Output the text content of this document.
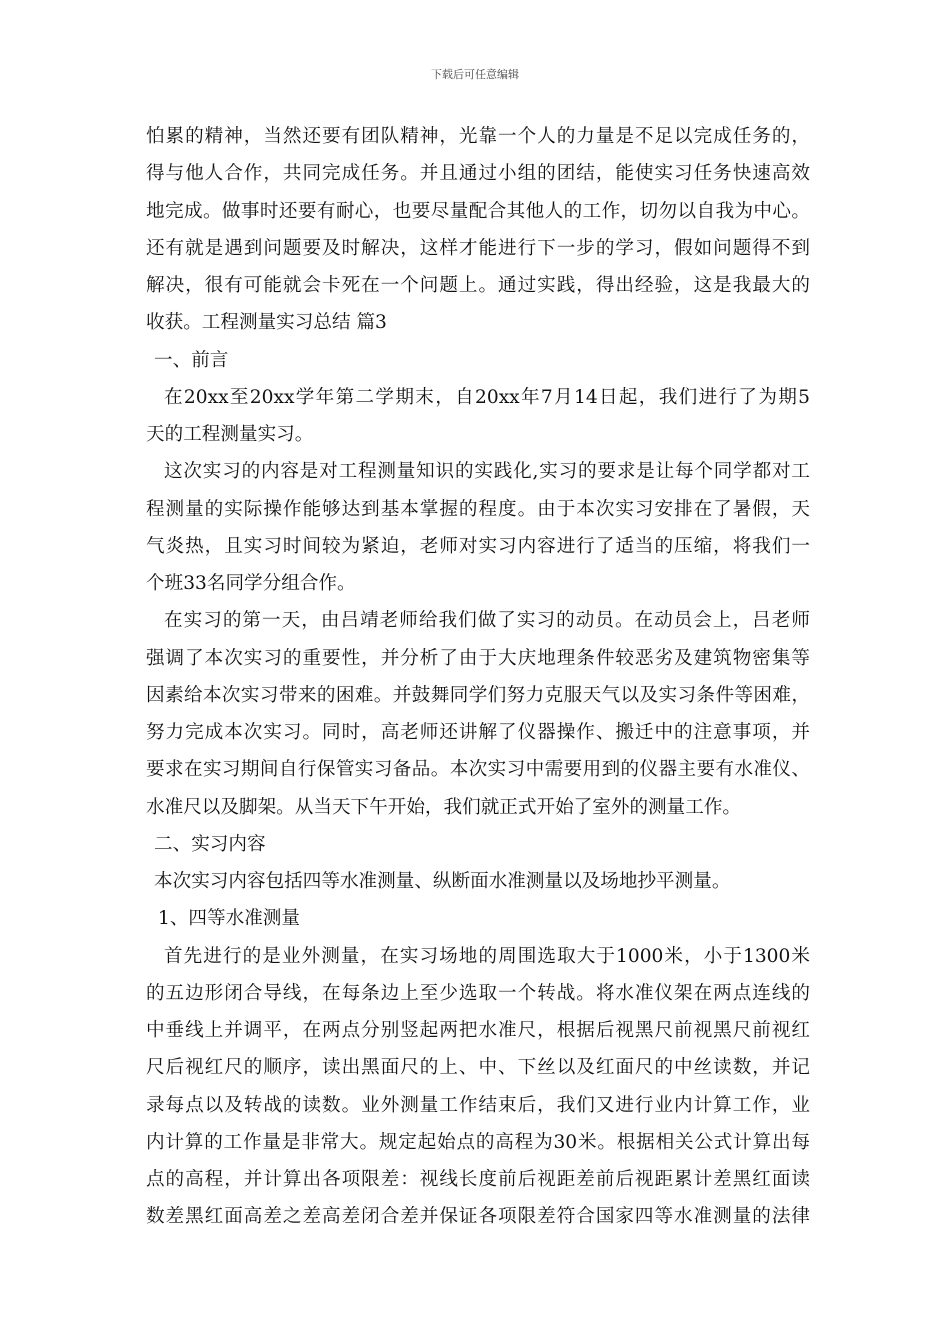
下载后可任意编辑
怕累的精神，当然还要有团队精神，光靠一个人的力量是不足以完成任务的，
得与他人合作，共同完成任务。并且通过小组的团结，能使实习任务快速高效
地完成。做事时还要有耐心，也要尽量配合其他人的工作，切勿以自我为中心。
还有就是遇到问题要及时解决，这样才能进行下一步的学习，假如问题得不到
解决，很有可能就会卡死在一个问题上。通过实践，得出经验，这是我最大的
收获。工程测量实习总结 篇3
一、前言
在20xx至20xx学年第二学期末，自20xx年7月14日起，我们进行了为期5
天的工程测量实习。
这次实习的内容是对工程测量知识的实践化,实习的要求是让每个同学都对工
程测量的实际操作能够达到基本掌握的程度。由于本次实习安排在了暑假，天
气炎热，且实习时间较为紧迫，老师对实习内容进行了适当的压缩，将我们一
个班33名同学分组合作。
在实习的第一天，由吕靖老师给我们做了实习的动员。在动员会上，吕老师
强调了本次实习的重要性，并分析了由于大庆地理条件较恶劣及建筑物密集等
因素给本次实习带来的困难。并鼓舞同学们努力克服天气以及实习条件等困难，
努力完成本次实习。同时，高老师还讲解了仪器操作、搬迁中的注意事项，并
要求在实习期间自行保管实习备品。本次实习中需要用到的仪器主要有水准仪、
水准尺以及脚架。从当天下午开始，我们就正式开始了室外的测量工作。
二、实习内容
本次实习内容包括四等水准测量、纵断面水准测量以及场地抄平测量。
1、四等水准测量
首先进行的是业外测量，在实习场地的周围选取大于1000米，小于1300米
的五边形闭合导线，在每条边上至少选取一个转战。将水准仪架在两点连线的
中垂线上并调平，在两点分别竖起两把水准尺，根据后视黑尺前视黑尺前视红
尺后视红尺的顺序，读出黑面尺的上、中、下丝以及红面尺的中丝读数，并记
录每点以及转战的读数。业外测量工作结束后，我们又进行业内计算工作，业
内计算的工作量是非常大。规定起始点的高程为30米。根据相关公式计算出每
点的高程，并计算出各项限差：视线长度前后视距差前后视距累计差黑红面读
数差黑红面高差之差高差闭合差并保证各项限差符合国家四等水准测量的法律
